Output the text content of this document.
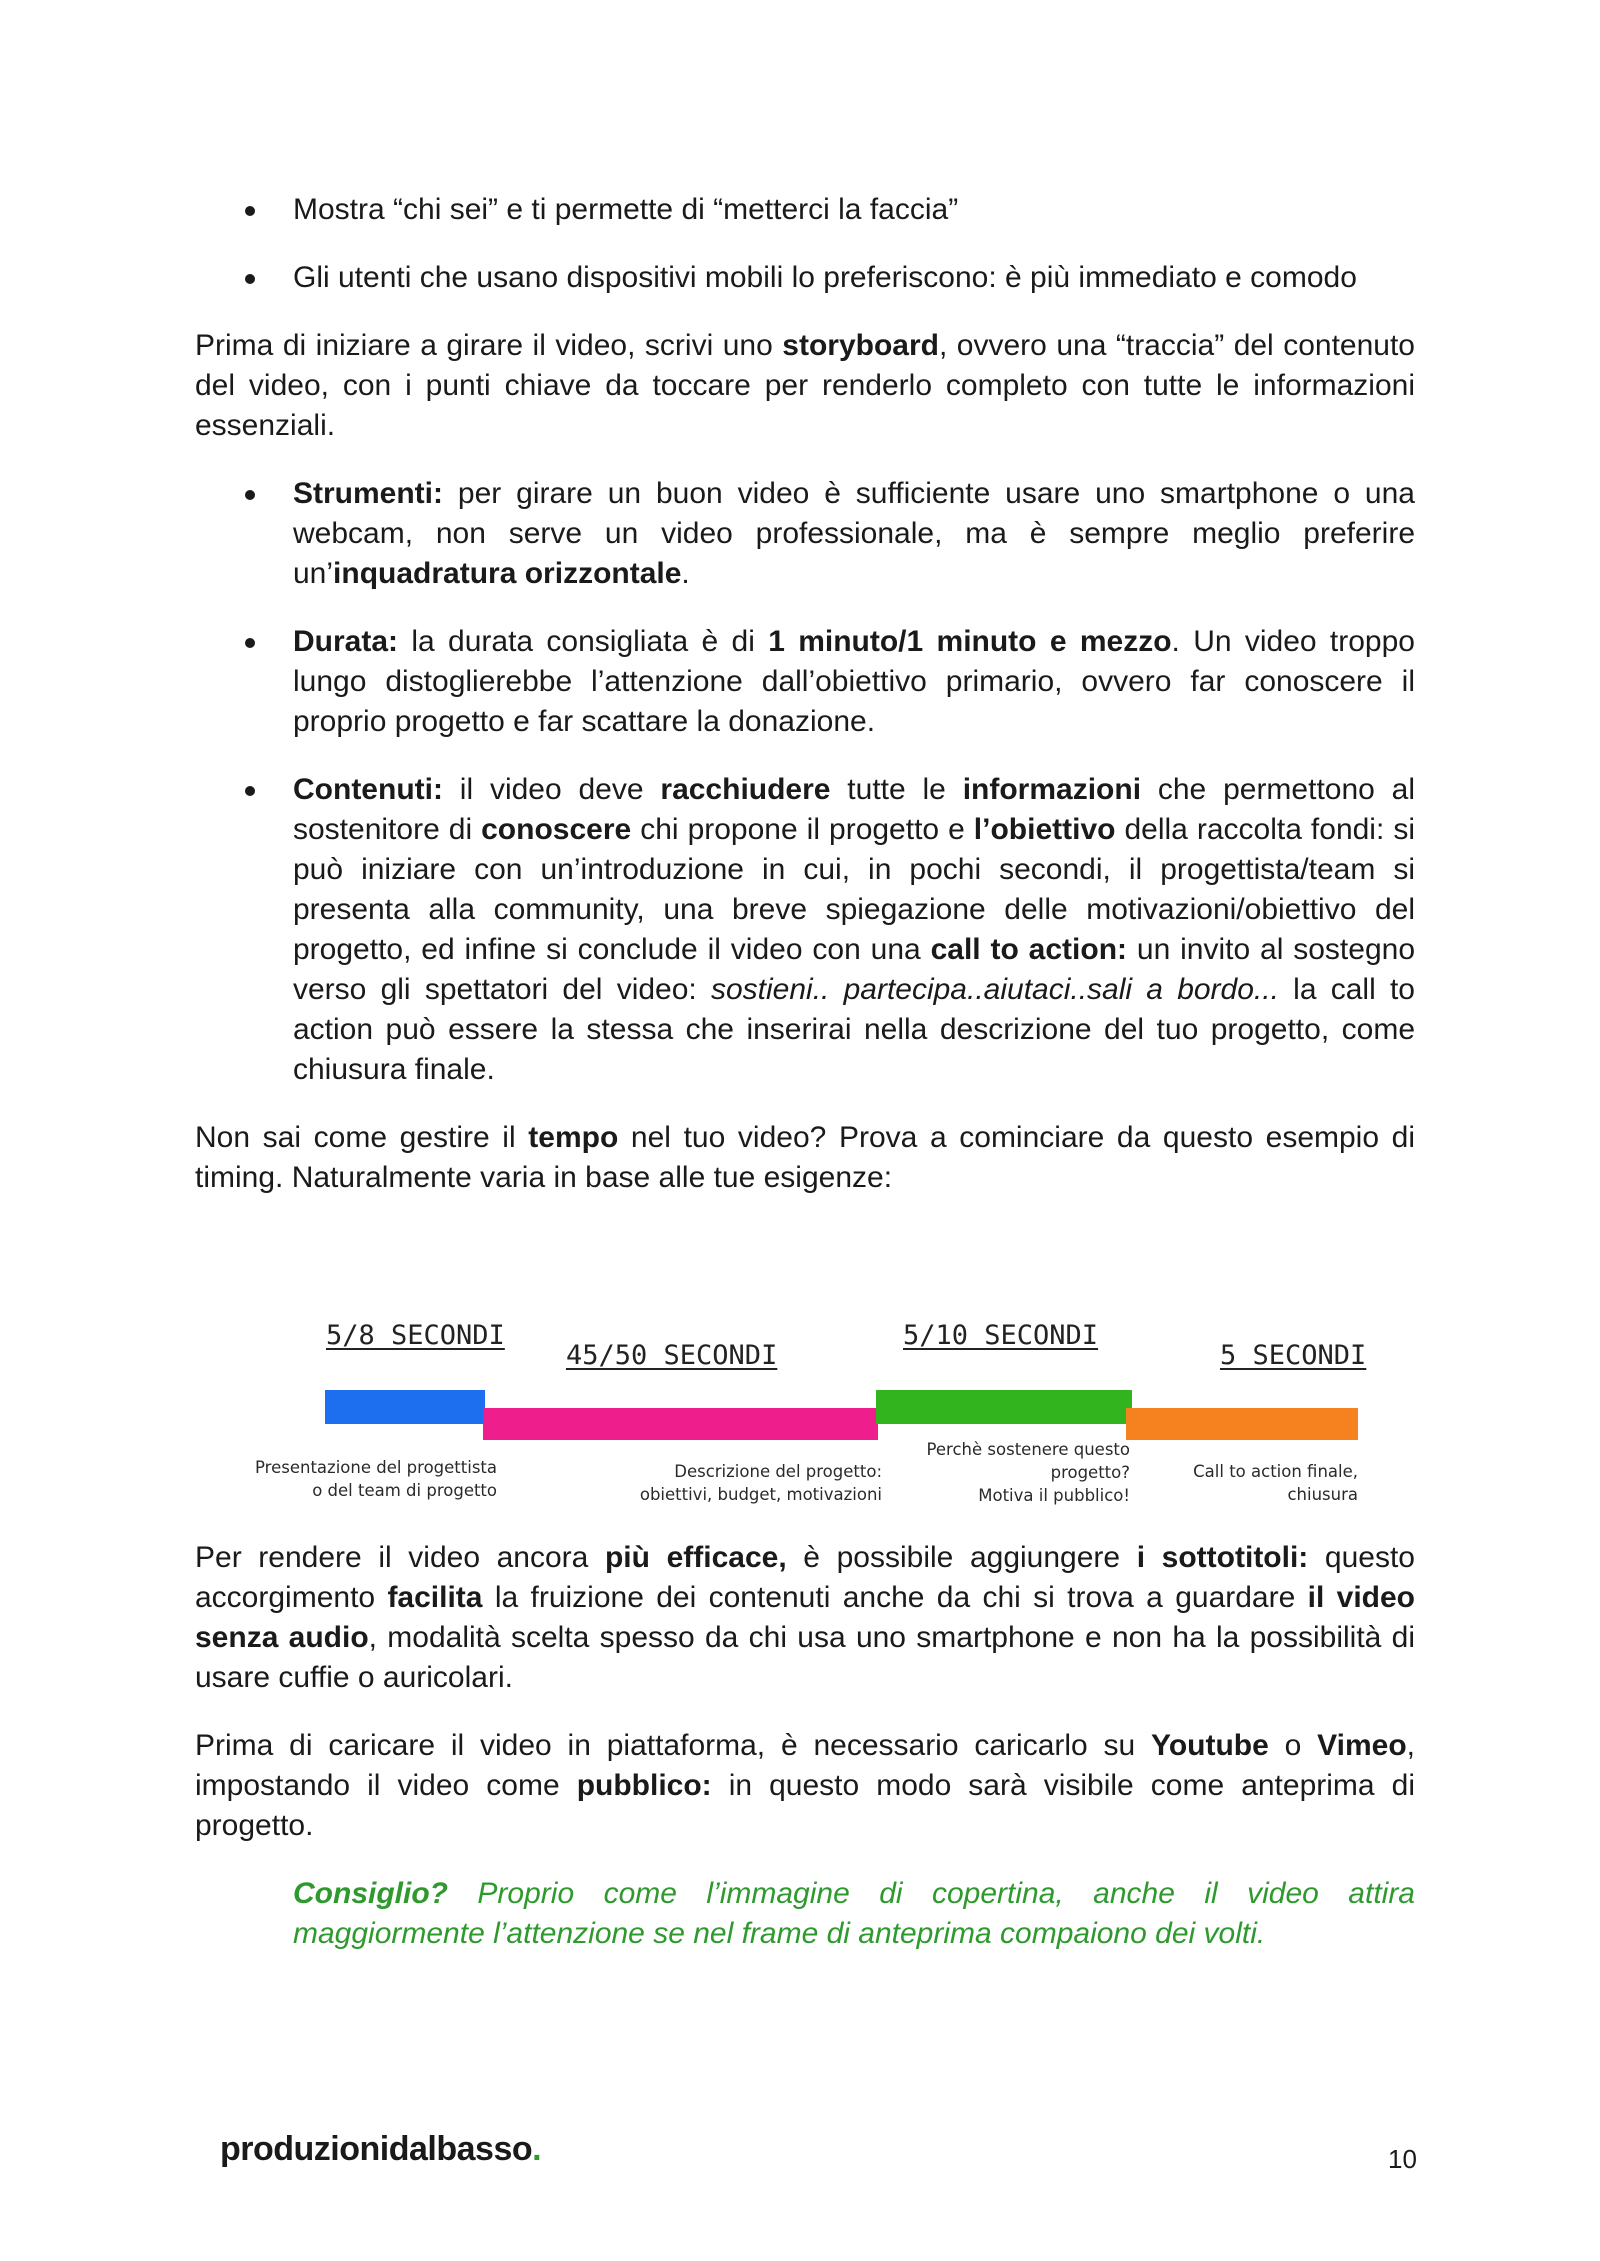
Mostra “chi sei” e ti permette di “metterci la faccia”
Gli utenti che usano dispositivi mobili lo preferiscono: è più immediato e comodo

Prima di iniziare a girare il video, scrivi uno storyboard, ovvero una “traccia” del contenuto del video, con i punti chiave da toccare per renderlo completo con tutte le informazioni essenziali.

Strumenti: per girare un buon video è sufficiente usare uno smartphone o una webcam, non serve un video professionale, ma è sempre meglio preferire un’inquadratura orizzontale.
Durata: la durata consigliata è di 1 minuto/1 minuto e mezzo. Un video troppo lungo distoglierebbe l’attenzione dall’obiettivo primario, ovvero far conoscere il proprio progetto e far scattare la donazione.
Contenuti: il video deve racchiudere tutte le informazioni che permettono al sostenitore di conoscere chi propone il progetto e l’obiettivo della raccolta fondi: si può iniziare con un’introduzione in cui, in pochi secondi, il progettista/team si presenta alla community, una breve spiegazione delle motivazioni/obiettivo del progetto, ed infine si conclude il video con una call to action: un invito al sostegno verso gli spettatori del video: sostieni.. partecipa..aiutaci..sali a bordo... la call to action può essere la stessa che inserirai nella descrizione del tuo progetto, come chiusura finale.

Non sai come gestire il tempo nel tuo video? Prova a cominciare da questo esempio di timing. Naturalmente varia in base alle tue esigenze:

Per rendere il video ancora più efficace, è possibile aggiungere i sottotitoli: questo accorgimento facilita la fruizione dei contenuti anche da chi si trova a guardare il video senza audio, modalità scelta spesso da chi usa uno smartphone e non ha la possibilità di usare cuffie o auricolari.

Prima di caricare il video in piattaforma, è necessario caricarlo su Youtube o Vimeo, impostando il video come pubblico: in questo modo sarà visibile come anteprima di progetto.

Consiglio? Proprio come l’immagine di copertina, anche il video attira maggiormente l’attenzione se nel frame di anteprima compaiono dei volti.

5/8 SECONDI
45/50 SECONDI
5/10 SECONDI
5 SECONDI
Presentazione del progettista
o del team di progetto
Descrizione del progetto:
obiettivi, budget, motivazioni
Perchè sostenere questo
progetto?
Motiva il pubblico!
Call to action finale,
chiusura
produzionidalbasso.	10
